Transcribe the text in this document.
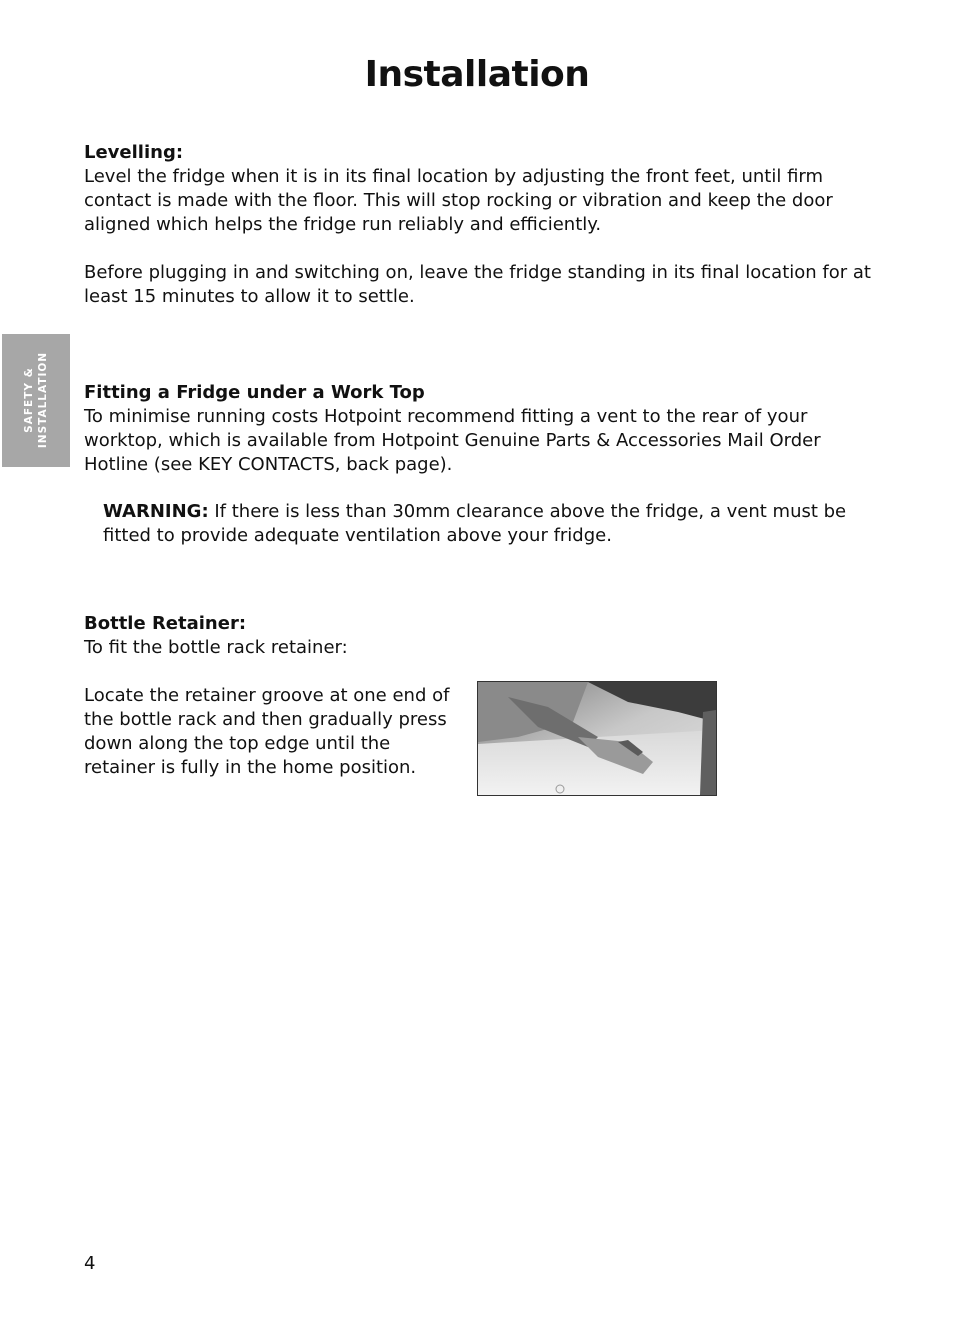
Installation
SAFETY & INSTALLATION

Levelling:

Level the fridge when it is in its final location by adjusting the front feet, until firm contact is made with the floor. This will stop rocking or vibration and keep the door aligned which helps the fridge run reliably and efficiently.

Before plugging in and switching on, leave the fridge standing in its final location for at least 15 minutes to allow it to settle.

Fitting a Fridge under a Work Top

To minimise running costs Hotpoint recommend fitting a vent to the rear of your worktop, which is available from Hotpoint Genuine Parts & Accessories Mail Order Hotline (see KEY CONTACTS, back page).

WARNING: If there is less than 30mm clearance above the fridge, a vent must be fitted to provide adequate ventilation above your fridge.

Bottle Retainer:

To fit the bottle rack retainer:

Locate the retainer groove at one end of the bottle rack and then gradually press down along the top edge until the retainer is fully in the home position.

4
